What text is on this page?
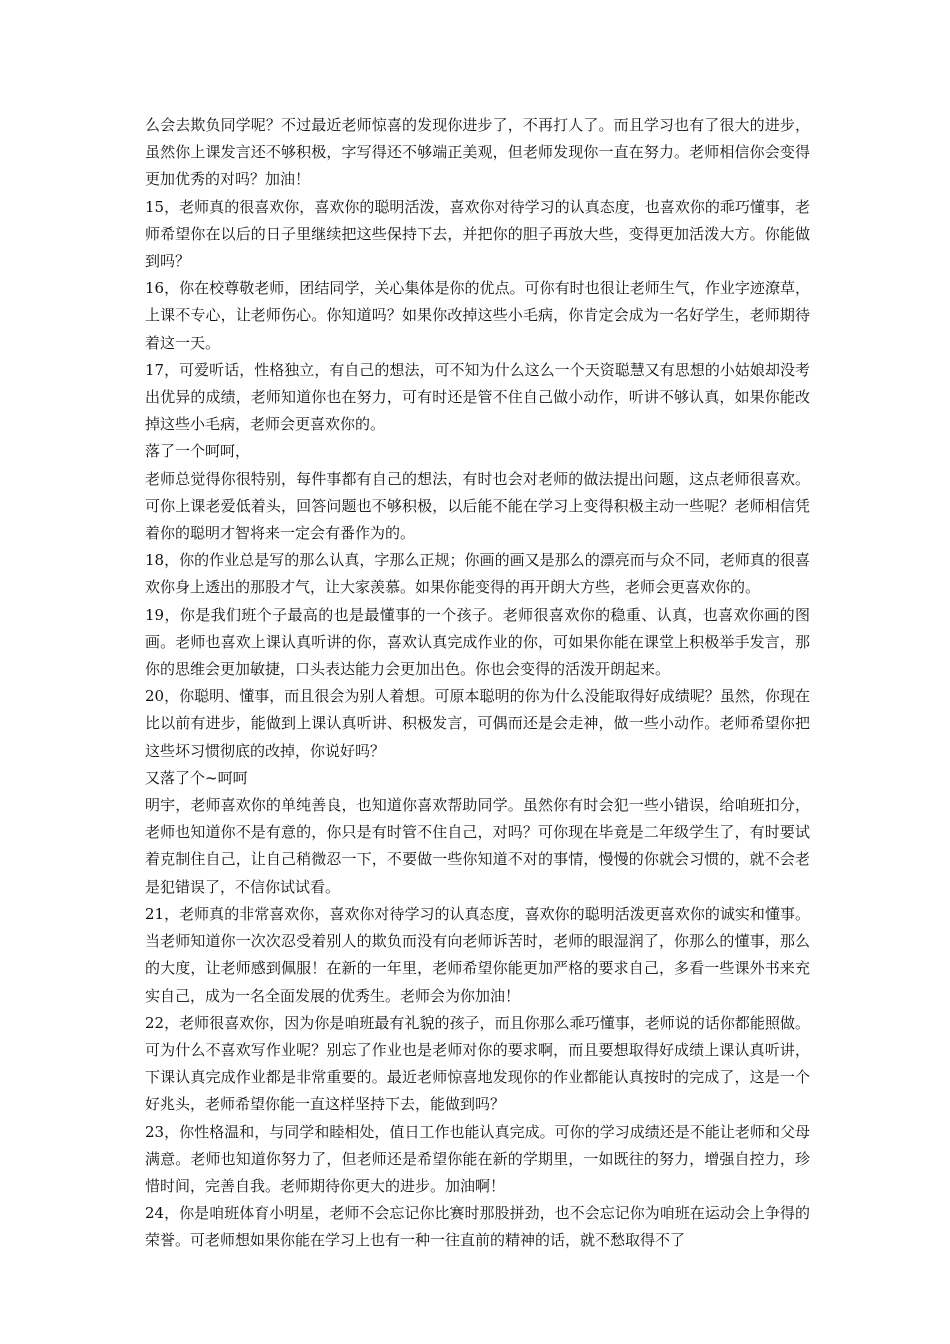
么会去欺负同学呢？不过最近老师惊喜的发现你进步了，不再打人了。而且学习也有了很大的进步，虽然你上课发言还不够积极，字写得还不够端正美观，但老师发现你一直在努力。老师相信你会变得更加优秀的对吗？加油！

15，老师真的很喜欢你，喜欢你的聪明活泼，喜欢你对待学习的认真态度，也喜欢你的乖巧懂事，老师希望你在以后的日子里继续把这些保持下去，并把你的胆子再放大些，变得更加活泼大方。你能做到吗？

16，你在校尊敬老师，团结同学，关心集体是你的优点。可你有时也很让老师生气，作业字迹潦草，上课不专心，让老师伤心。你知道吗？如果你改掉这些小毛病，你肯定会成为一名好学生，老师期待着这一天。

17，可爱听话，性格独立，有自己的想法，可不知为什么这么一个天资聪慧又有思想的小姑娘却没考出优异的成绩，老师知道你也在努力，可有时还是管不住自己做小动作，听讲不够认真，如果你能改掉这些小毛病，老师会更喜欢你的。

落了一个呵呵，

老师总觉得你很特别，每件事都有自己的想法，有时也会对老师的做法提出问题，这点老师很喜欢。可你上课老爱低着头，回答问题也不够积极，以后能不能在学习上变得积极主动一些呢？老师相信凭着你的聪明才智将来一定会有番作为的。

18，你的作业总是写的那么认真，字那么正规；你画的画又是那么的漂亮而与众不同，老师真的很喜欢你身上透出的那股才气，让大家羡慕。如果你能变得的再开朗大方些，老师会更喜欢你的。

19，你是我们班个子最高的也是最懂事的一个孩子。老师很喜欢你的稳重、认真，也喜欢你画的图画。老师也喜欢上课认真听讲的你，喜欢认真完成作业的你，可如果你能在课堂上积极举手发言，那你的思维会更加敏捷，口头表达能力会更加出色。你也会变得的活泼开朗起来。

20，你聪明、懂事，而且很会为别人着想。可原本聪明的你为什么没能取得好成绩呢？虽然，你现在比以前有进步，能做到上课认真听讲、积极发言，可偶而还是会走神，做一些小动作。老师希望你把这些坏习惯彻底的改掉，你说好吗？

又落了个~呵呵

明宇，老师喜欢你的单纯善良，也知道你喜欢帮助同学。虽然你有时会犯一些小错误，给咱班扣分，老师也知道你不是有意的，你只是有时管不住自己，对吗？可你现在毕竟是二年级学生了，有时要试着克制住自己，让自己稍微忍一下，不要做一些你知道不对的事情，慢慢的你就会习惯的，就不会老是犯错误了，不信你试试看。

21，老师真的非常喜欢你，喜欢你对待学习的认真态度，喜欢你的聪明活泼更喜欢你的诚实和懂事。当老师知道你一次次忍受着别人的欺负而没有向老师诉苦时，老师的眼湿润了，你那么的懂事，那么的大度，让老师感到佩服！在新的一年里，老师希望你能更加严格的要求自己，多看一些课外书来充实自己，成为一名全面发展的优秀生。老师会为你加油！

22，老师很喜欢你，因为你是咱班最有礼貌的孩子，而且你那么乖巧懂事，老师说的话你都能照做。可为什么不喜欢写作业呢？别忘了作业也是老师对你的要求啊，而且要想取得好成绩上课认真听讲，下课认真完成作业都是非常重要的。最近老师惊喜地发现你的作业都能认真按时的完成了，这是一个好兆头，老师希望你能一直这样坚持下去，能做到吗？

23，你性格温和，与同学和睦相处，值日工作也能认真完成。可你的学习成绩还是不能让老师和父母满意。老师也知道你努力了，但老师还是希望你能在新的学期里，一如既往的努力，增强自控力，珍惜时间，完善自我。老师期待你更大的进步。加油啊！

24，你是咱班体育小明星，老师不会忘记你比赛时那股拼劲，也不会忘记你为咱班在运动会上争得的荣誉。可老师想如果你能在学习上也有一种一往直前的精神的话，就不愁取得不了
